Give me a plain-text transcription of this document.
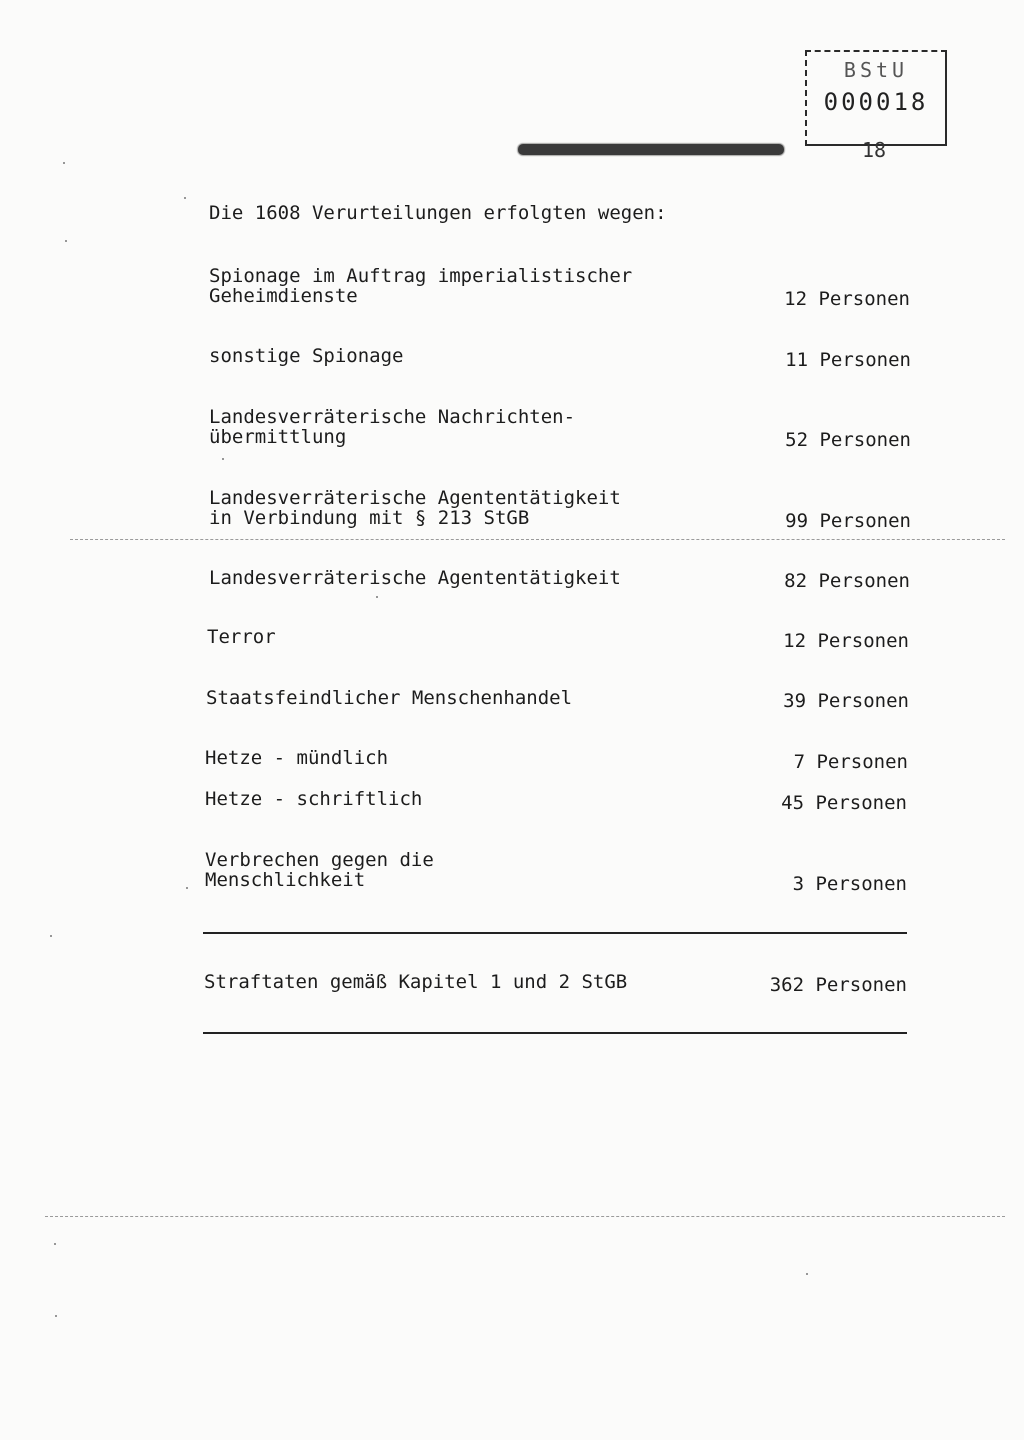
BStU
000018
18
Die 1608 Verurteilungen erfolgten wegen:
Spionage im Auftrag imperialistischer
Geheimdienste	12 Personen
sonstige Spionage	11 Personen
Landesverräterische Nachrichten-
übermittlung	52 Personen
Landesverräterische Agententätigkeit
in Verbindung mit § 213 StGB	99 Personen
Landesverräterische Agententätigkeit	82 Personen
Terror	12 Personen
Staatsfeindlicher Menschenhandel	39 Personen
Hetze - mündlich	7 Personen
Hetze - schriftlich	45 Personen
Verbrechen gegen die
Menschlichkeit	3 Personen
Straftaten gemäß Kapitel 1 und 2 StGB	362 Personen
